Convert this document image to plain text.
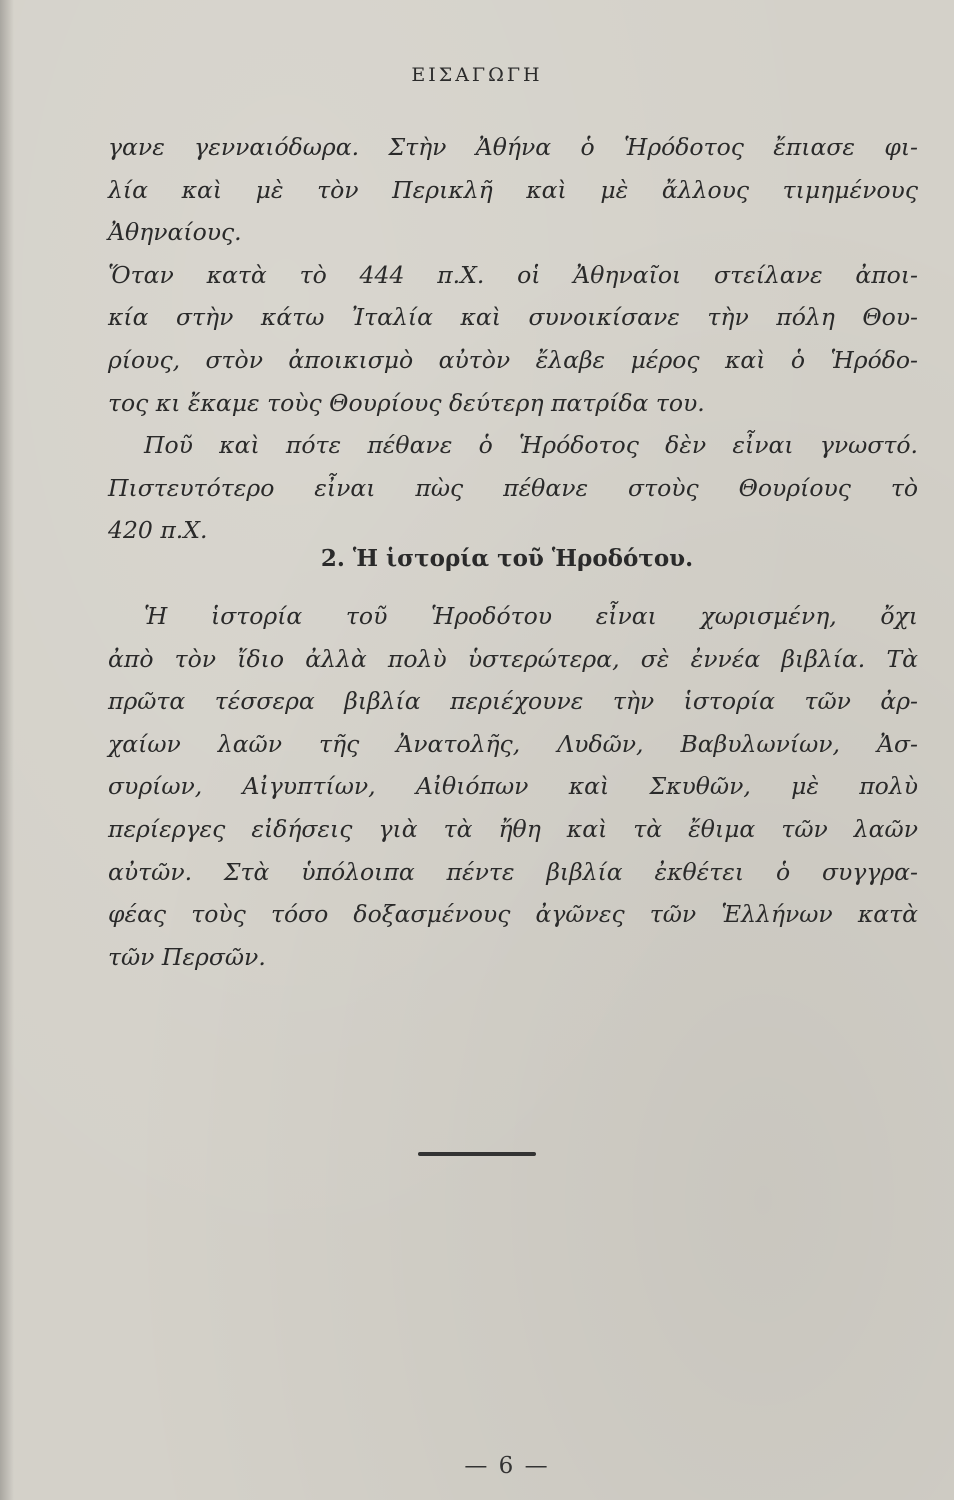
ΕΙΣΑΓΩΓΗ

γανε γενναιόδωρα. Στὴν Ἀθήνα ὁ Ἡρόδοτος ἔπιασε φι-
λία καὶ μὲ τὸν Περικλῆ καὶ μὲ ἄλλους τιμημένους
Ἀθηναίους.

Ὅταν κατὰ τὸ 444 π.Χ. οἱ Ἀθηναῖοι στείλανε ἀποι-
κία στὴν κάτω Ἰταλία καὶ συνοικίσανε τὴν πόλη Θου-
ρίους, στὸν ἀποικισμὸ αὐτὸν ἔλαβε μέρος καὶ ὁ Ἡρόδο-
τος κι ἔκαμε τοὺς Θουρίους δεύτερη πατρίδα του.

Ποῦ καὶ πότε πέθανε ὁ Ἡρόδοτος δὲν εἶναι γνωστό.
Πιστευτότερο εἶναι πὼς πέθανε στοὺς Θουρίους τὸ
420 π.Χ.

2. Ἡ ἱστορία τοῦ Ἡροδότου.

Ἡ ἱστορία τοῦ Ἡροδότου εἶναι χωρισμένη, ὄχι
ἀπὸ τὸν ἴδιο ἀλλὰ πολὺ ὑστερώτερα, σὲ ἐννέα βιβλία. Τὰ
πρῶτα τέσσερα βιβλία περιέχουνε τὴν ἱστορία τῶν ἀρ-
χαίων λαῶν τῆς Ἀνατολῆς, Λυδῶν, Βαβυλωνίων, Ἀσ-
συρίων, Αἰγυπτίων, Αἰθιόπων καὶ Σκυθῶν, μὲ πολὺ
περίεργες εἰδήσεις γιὰ τὰ ἤθη καὶ τὰ ἔθιμα τῶν λαῶν
αὐτῶν. Στὰ ὑπόλοιπα πέντε βιβλία ἐκθέτει ὁ συγγρα-
φέας τοὺς τόσο δοξασμένους ἀγῶνες τῶν Ἑλλήνων κατὰ
τῶν Περσῶν.

— 6 —
